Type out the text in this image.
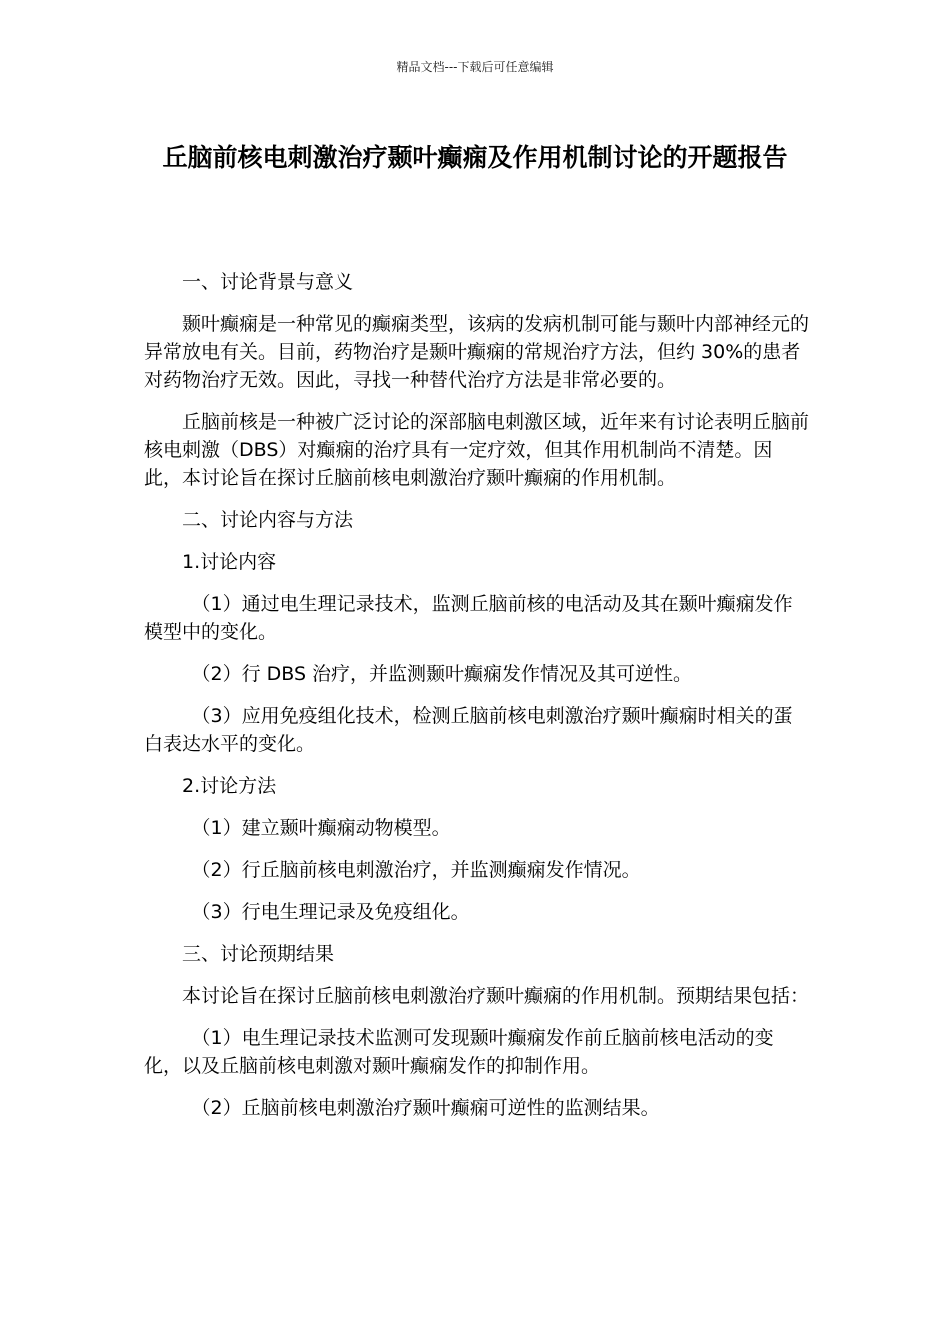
精品文档---下载后可任意编辑
丘脑前核电刺激治疗颞叶癫痫及作用机制讨论的开题报告

一、讨论背景与意义

颞叶癫痫是一种常见的癫痫类型，该病的发病机制可能与颞叶内部神经元的异常放电有关。目前，药物治疗是颞叶癫痫的常规治疗方法，但约 30%的患者对药物治疗无效。因此，寻找一种替代治疗方法是非常必要的。

丘脑前核是一种被广泛讨论的深部脑电刺激区域，近年来有讨论表明丘脑前核电刺激（DBS）对癫痫的治疗具有一定疗效，但其作用机制尚不清楚。因此，本讨论旨在探讨丘脑前核电刺激治疗颞叶癫痫的作用机制。

二、讨论内容与方法

1.讨论内容

（1）通过电生理记录技术，监测丘脑前核的电活动及其在颞叶癫痫发作模型中的变化。

（2）行 DBS 治疗，并监测颞叶癫痫发作情况及其可逆性。

（3）应用免疫组化技术，检测丘脑前核电刺激治疗颞叶癫痫时相关的蛋白表达水平的变化。

2.讨论方法

（1）建立颞叶癫痫动物模型。

（2）行丘脑前核电刺激治疗，并监测癫痫发作情况。

（3）行电生理记录及免疫组化。

三、讨论预期结果

本讨论旨在探讨丘脑前核电刺激治疗颞叶癫痫的作用机制。预期结果包括：

（1）电生理记录技术监测可发现颞叶癫痫发作前丘脑前核电活动的变化，以及丘脑前核电刺激对颞叶癫痫发作的抑制作用。

（2）丘脑前核电刺激治疗颞叶癫痫可逆性的监测结果。
